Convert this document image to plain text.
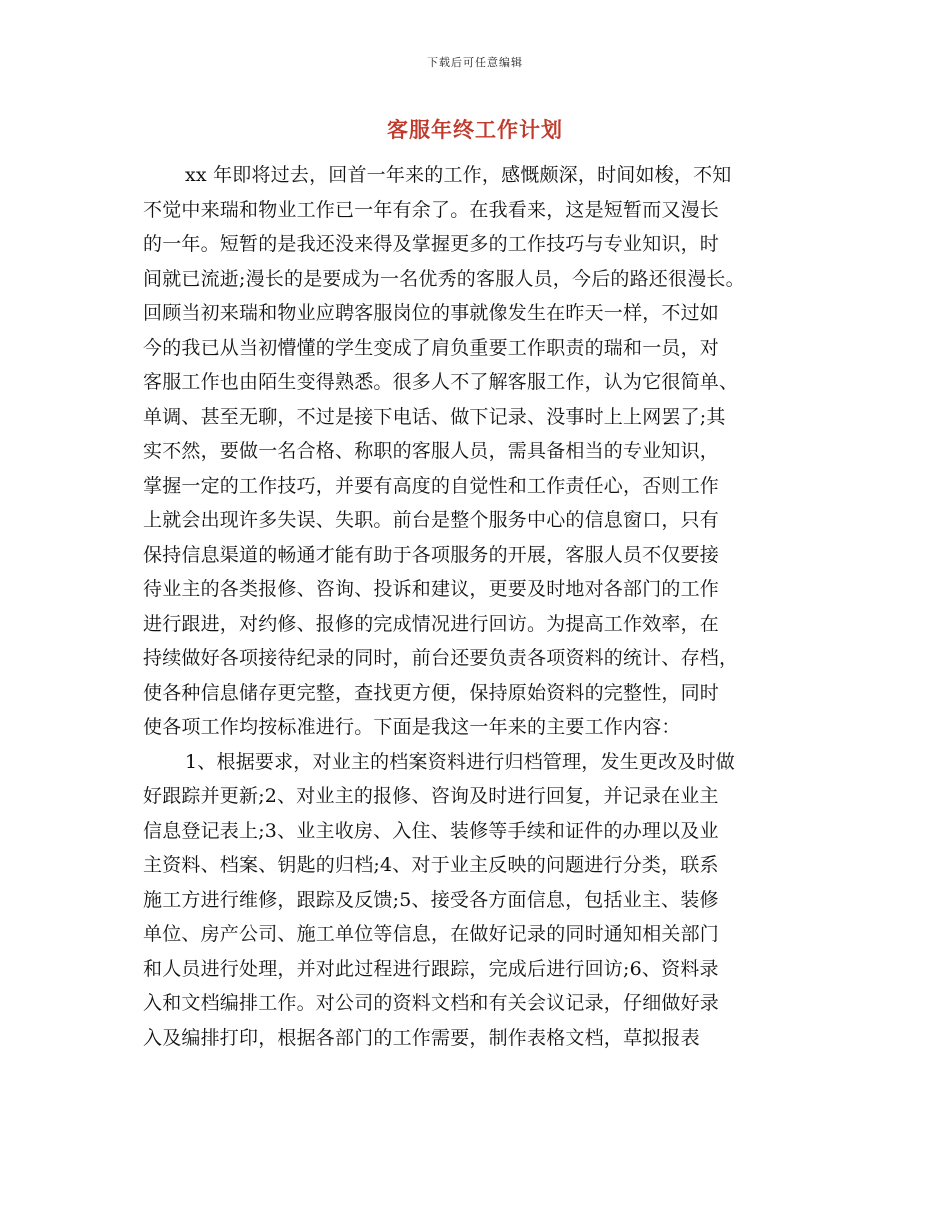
下载后可任意编辑
客服年终工作计划
xx 年即将过去，回首一年来的工作，感慨颇深，时间如梭，不知
不觉中来瑞和物业工作已一年有余了。在我看来，这是短暂而又漫长
的一年。短暂的是我还没来得及掌握更多的工作技巧与专业知识，时
间就已流逝;漫长的是要成为一名优秀的客服人员，今后的路还很漫长。
回顾当初来瑞和物业应聘客服岗位的事就像发生在昨天一样，不过如
今的我已从当初懵懂的学生变成了肩负重要工作职责的瑞和一员，对
客服工作也由陌生变得熟悉。很多人不了解客服工作，认为它很简单、
单调、甚至无聊，不过是接下电话、做下记录、没事时上上网罢了;其
实不然，要做一名合格、称职的客服人员，需具备相当的专业知识，
掌握一定的工作技巧，并要有高度的自觉性和工作责任心，否则工作
上就会出现许多失误、失职。前台是整个服务中心的信息窗口，只有
保持信息渠道的畅通才能有助于各项服务的开展，客服人员不仅要接
待业主的各类报修、咨询、投诉和建议，更要及时地对各部门的工作
进行跟进，对约修、报修的完成情况进行回访。为提高工作效率，在
持续做好各项接待纪录的同时，前台还要负责各项资料的统计、存档，
使各种信息储存更完整，查找更方便，保持原始资料的完整性，同时
使各项工作均按标准进行。下面是我这一年来的主要工作内容：
1、根据要求，对业主的档案资料进行归档管理，发生更改及时做
好跟踪并更新;2、对业主的报修、咨询及时进行回复，并记录在业主
信息登记表上;3、业主收房、入住、装修等手续和证件的办理以及业
主资料、档案、钥匙的归档;4、对于业主反映的问题进行分类，联系
施工方进行维修，跟踪及反馈;5、接受各方面信息，包括业主、装修
单位、房产公司、施工单位等信息，在做好记录的同时通知相关部门
和人员进行处理，并对此过程进行跟踪，完成后进行回访;6、资料录
入和文档编排工作。对公司的资料文档和有关会议记录，仔细做好录
入及编排打印，根据各部门的工作需要，制作表格文档，草拟报表
